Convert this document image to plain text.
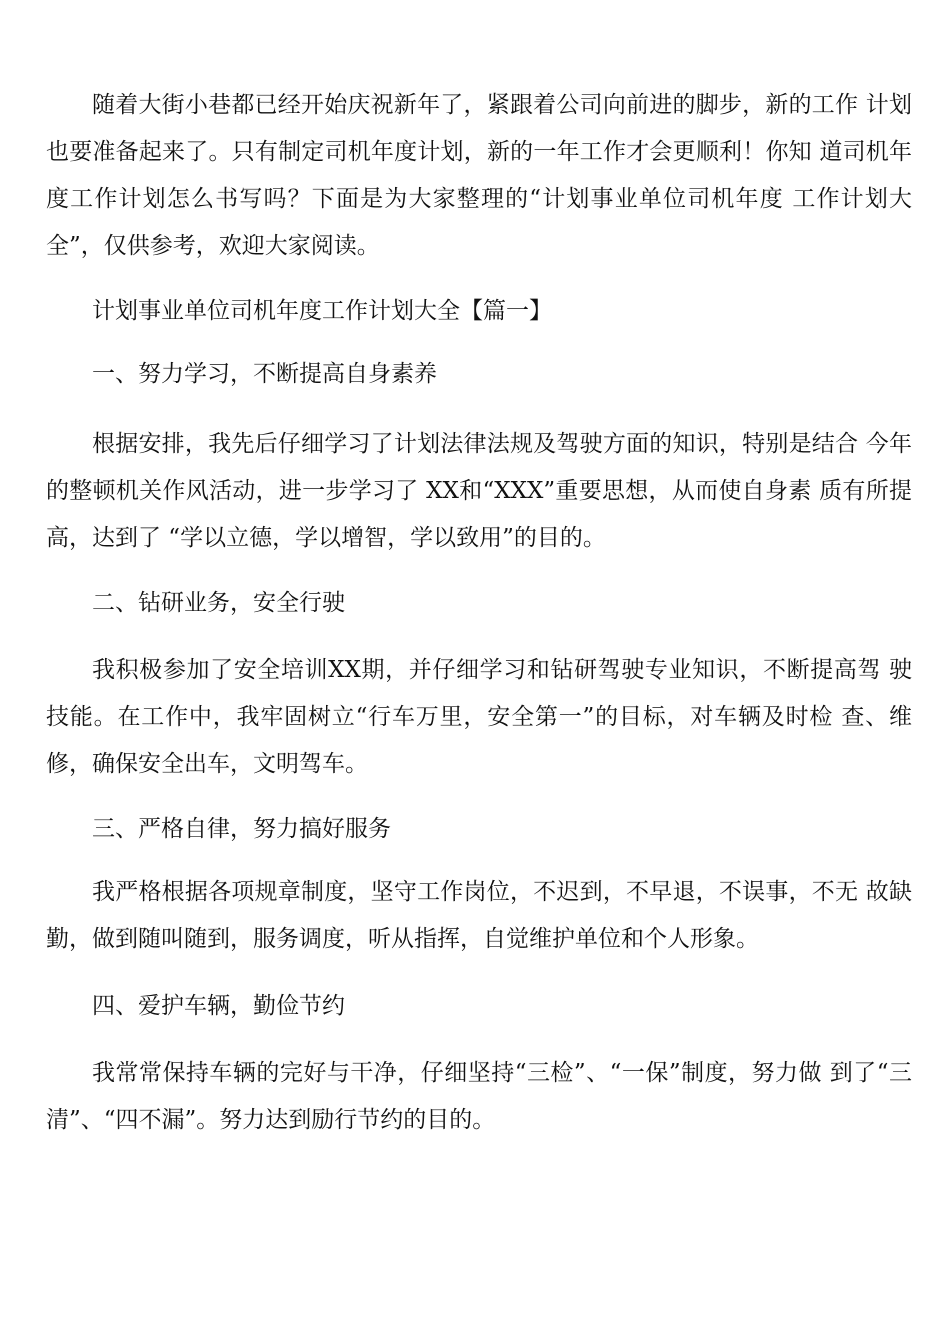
随着大街小巷都已经开始庆祝新年了，紧跟着公司向前进的脚步，新的工作 计划也要准备起来了。只有制定司机年度计划，新的一年工作才会更顺利！你知 道司机年度工作计划怎么书写吗？下面是为大家整理的“计划事业单位司机年度 工作计划大全”，仅供参考，欢迎大家阅读。

计划事业单位司机年度工作计划大全【篇一】

一、努力学习，不断提高自身素养

根据安排，我先后仔细学习了计划法律法规及驾驶方面的知识，特别是结合 今年的整顿机关作风活动，进一步学习了 XX和“XXX”重要思想，从而使自身素 质有所提高，达到了 “学以立德，学以增智，学以致用”的目的。

二、钻研业务，安全行驶

我积极参加了安全培训XX期，并仔细学习和钻研驾驶专业知识，不断提高驾 驶技能。在工作中，我牢固树立“行车万里，安全第一”的目标，对车辆及时检 查、维修，确保安全出车，文明驾车。

三、严格自律，努力搞好服务

我严格根据各项规章制度，坚守工作岗位，不迟到，不早退，不误事，不无 故缺勤，做到随叫随到，服务调度，听从指挥，自觉维护单位和个人形象。

四、爱护车辆，勤俭节约

我常常保持车辆的完好与干净，仔细坚持“三检”、“一保”制度，努力做 到了“三清”、“四不漏”。努力达到励行节约的目的。
